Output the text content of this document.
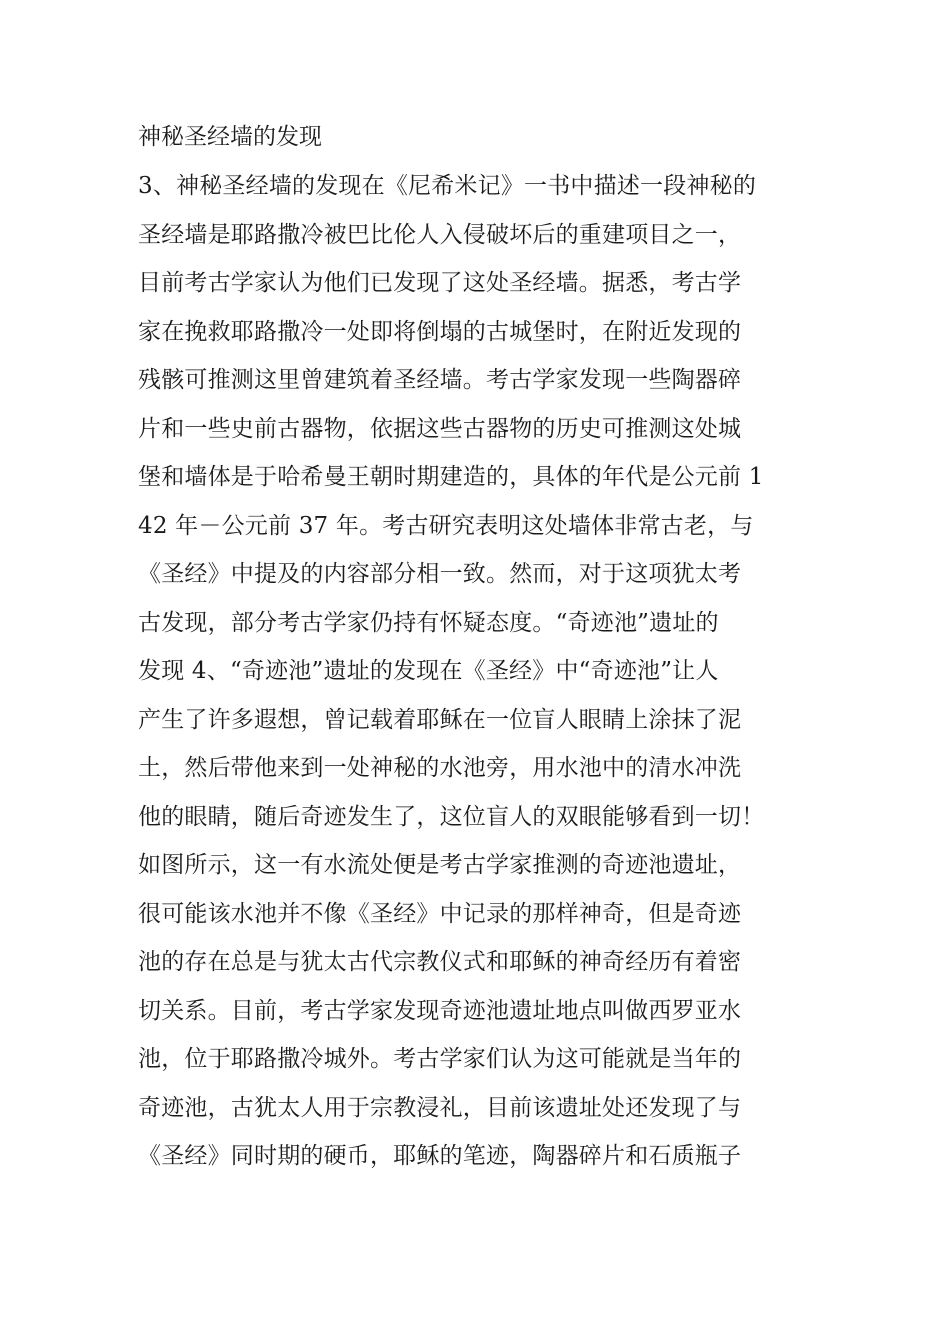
神秘圣经墙的发现
3、神秘圣经墙的发现在《尼希米记》一书中描述一段神秘的
圣经墙是耶路撒冷被巴比伦人入侵破坏后的重建项目之一，
目前考古学家认为他们已发现了这处圣经墙。据悉，考古学
家在挽救耶路撒冷一处即将倒塌的古城堡时，在附近发现的
残骸可推测这里曾建筑着圣经墙。考古学家发现一些陶器碎
片和一些史前古器物，依据这些古器物的历史可推测这处城
堡和墙体是于哈希曼王朝时期建造的，具体的年代是公元前 1
42 年－公元前 37 年。考古研究表明这处墙体非常古老，与
《圣经》中提及的内容部分相一致。然而，对于这项犹太考
古发现，部分考古学家仍持有怀疑态度。“奇迹池”遗址的
发现 4、“奇迹池”遗址的发现在《圣经》中“奇迹池”让人
产生了许多遐想，曾记载着耶稣在一位盲人眼睛上涂抹了泥
土，然后带他来到一处神秘的水池旁，用水池中的清水冲洗
他的眼睛，随后奇迹发生了，这位盲人的双眼能够看到一切！
如图所示，这一有水流处便是考古学家推测的奇迹池遗址，
很可能该水池并不像《圣经》中记录的那样神奇，但是奇迹
池的存在总是与犹太古代宗教仪式和耶稣的神奇经历有着密
切关系。目前，考古学家发现奇迹池遗址地点叫做西罗亚水
池，位于耶路撒冷城外。考古学家们认为这可能就是当年的
奇迹池，古犹太人用于宗教浸礼，目前该遗址处还发现了与
《圣经》同时期的硬币，耶稣的笔迹，陶器碎片和石质瓶子
